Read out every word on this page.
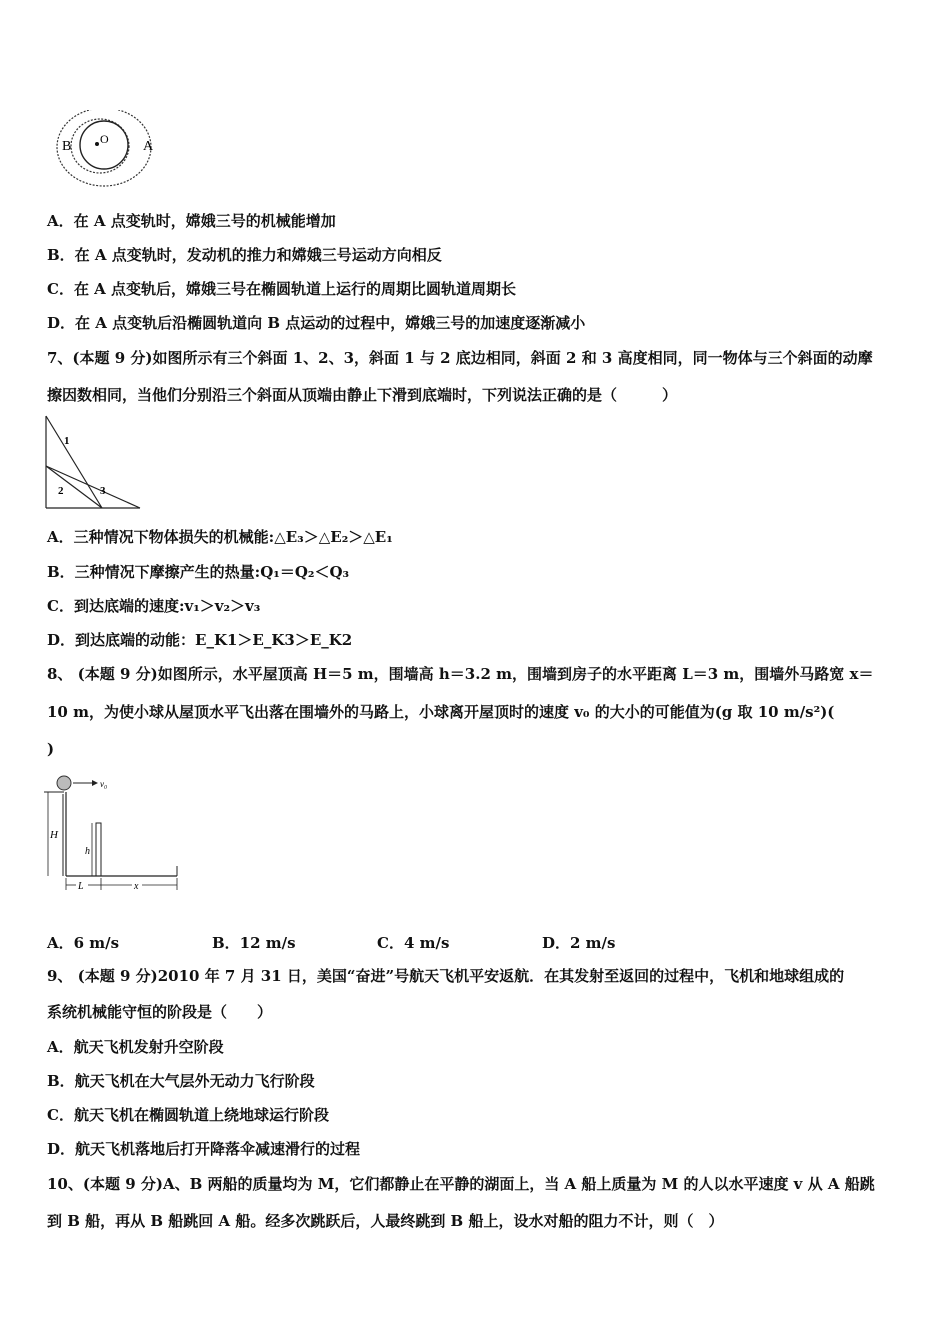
B O A
A．在 A 点变轨时，嫦娥三号的机械能增加
B．在 A 点变轨时，发动机的推力和嫦娥三号运动方向相反
C．在 A 点变轨后，嫦娥三号在椭圆轨道上运行的周期比圆轨道周期长
D．在 A 点变轨后沿椭圆轨道向 B 点运动的过程中，嫦娥三号的加速度逐渐减小
7、(本题 9 分)如图所示有三个斜面 1、2、3，斜面 1 与 2 底边相同，斜面 2 和 3 高度相同，同一物体与三个斜面的动摩
擦因数相同，当他们分别沿三个斜面从顶端由静止下滑到底端时，下列说法正确的是（　　　）
1
2	3
A．三种情况下物体损失的机械能:△E₃＞△E₂＞△E₁
B．三种情况下摩擦产生的热量:Q₁＝Q₂＜Q₃
C．到达底端的速度:v₁＞v₂＞v₃
D．到达底端的动能：E_K1＞E_K3＞E_K2
8、 (本题 9 分)如图所示，水平屋顶高 H＝5 m，围墙高 h＝3.2 m，围墙到房子的水平距离 L＝3 m，围墙外马路宽 x＝
10 m，为使小球从屋顶水平飞出落在围墙外的马路上，小球离开屋顶时的速度 v₀ 的大小的可能值为(g 取 10 m/s²)(
)
v₀
H
h
L	x
A．6 m/s	B．12 m/s	C．4 m/s	D．2 m/s
9、 (本题 9 分)2010 年 7 月 31 日，美国“奋进”号航天飞机平安返航．在其发射至返回的过程中，飞机和地球组成的
系统机械能守恒的阶段是（　　）
A．航天飞机发射升空阶段
B．航天飞机在大气层外无动力飞行阶段
C．航天飞机在椭圆轨道上绕地球运行阶段
D．航天飞机落地后打开降落伞减速滑行的过程
10、(本题 9 分)A、B 两船的质量均为 M，它们都静止在平静的湖面上，当 A 船上质量为 M 的人以水平速度 v 从 A 船跳
到 B 船，再从 B 船跳回 A 船。经多次跳跃后，人最终跳到 B 船上，设水对船的阻力不计，则（　）
